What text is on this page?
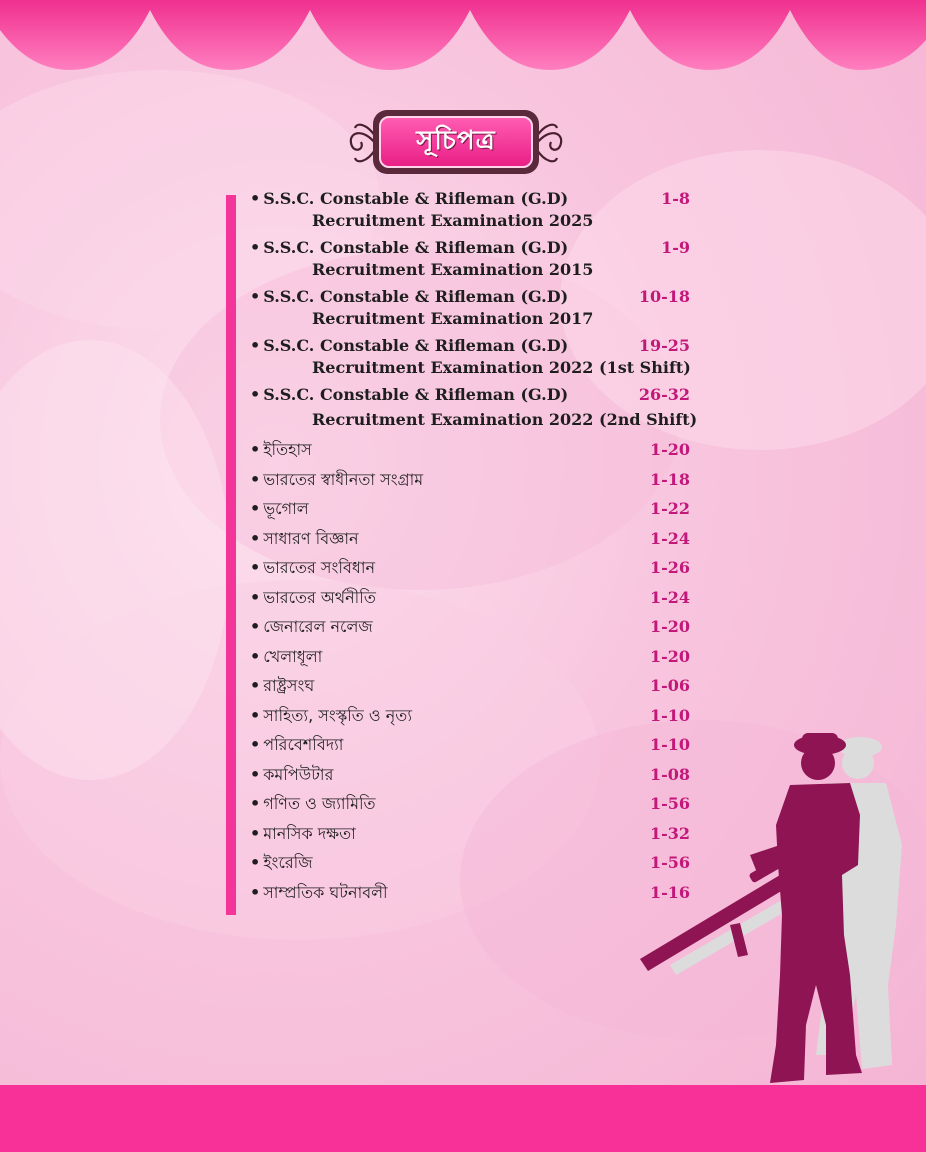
সূচিপত্র
• S.S.C. Constable & Rifleman (G.D)
Recruitment Examination 2025
1-8
• S.S.C. Constable & Rifleman (G.D)
Recruitment Examination 2015
1-9
• S.S.C. Constable & Rifleman (G.D)
Recruitment Examination 2017
10-18
• S.S.C. Constable & Rifleman (G.D)
Recruitment Examination 2022 (1st Shift)
19-25
• S.S.C. Constable & Rifleman (G.D)
Recruitment Examination 2022 (2nd Shift)
26-32
• ইতিহাস	1-20
• ভারতের স্বাধীনতা সংগ্রাম	1-18
• ভূগোল	1-22
• সাধারণ বিজ্ঞান	1-24
• ভারতের সংবিধান	1-26
• ভারতের অর্থনীতি	1-24
• জেনারেল নলেজ	1-20
• খেলাধূলা	1-20
• রাষ্ট্রসংঘ	1-06
• সাহিত্য, সংস্কৃতি ও নৃত্য	1-10
• পরিবেশবিদ্যা	1-10
• কমপিউটার	1-08
• গণিত ও জ্যামিতি	1-56
• মানসিক দক্ষতা	1-32
• ইংরেজি	1-56
• সাম্প্রতিক ঘটনাবলী	1-16
